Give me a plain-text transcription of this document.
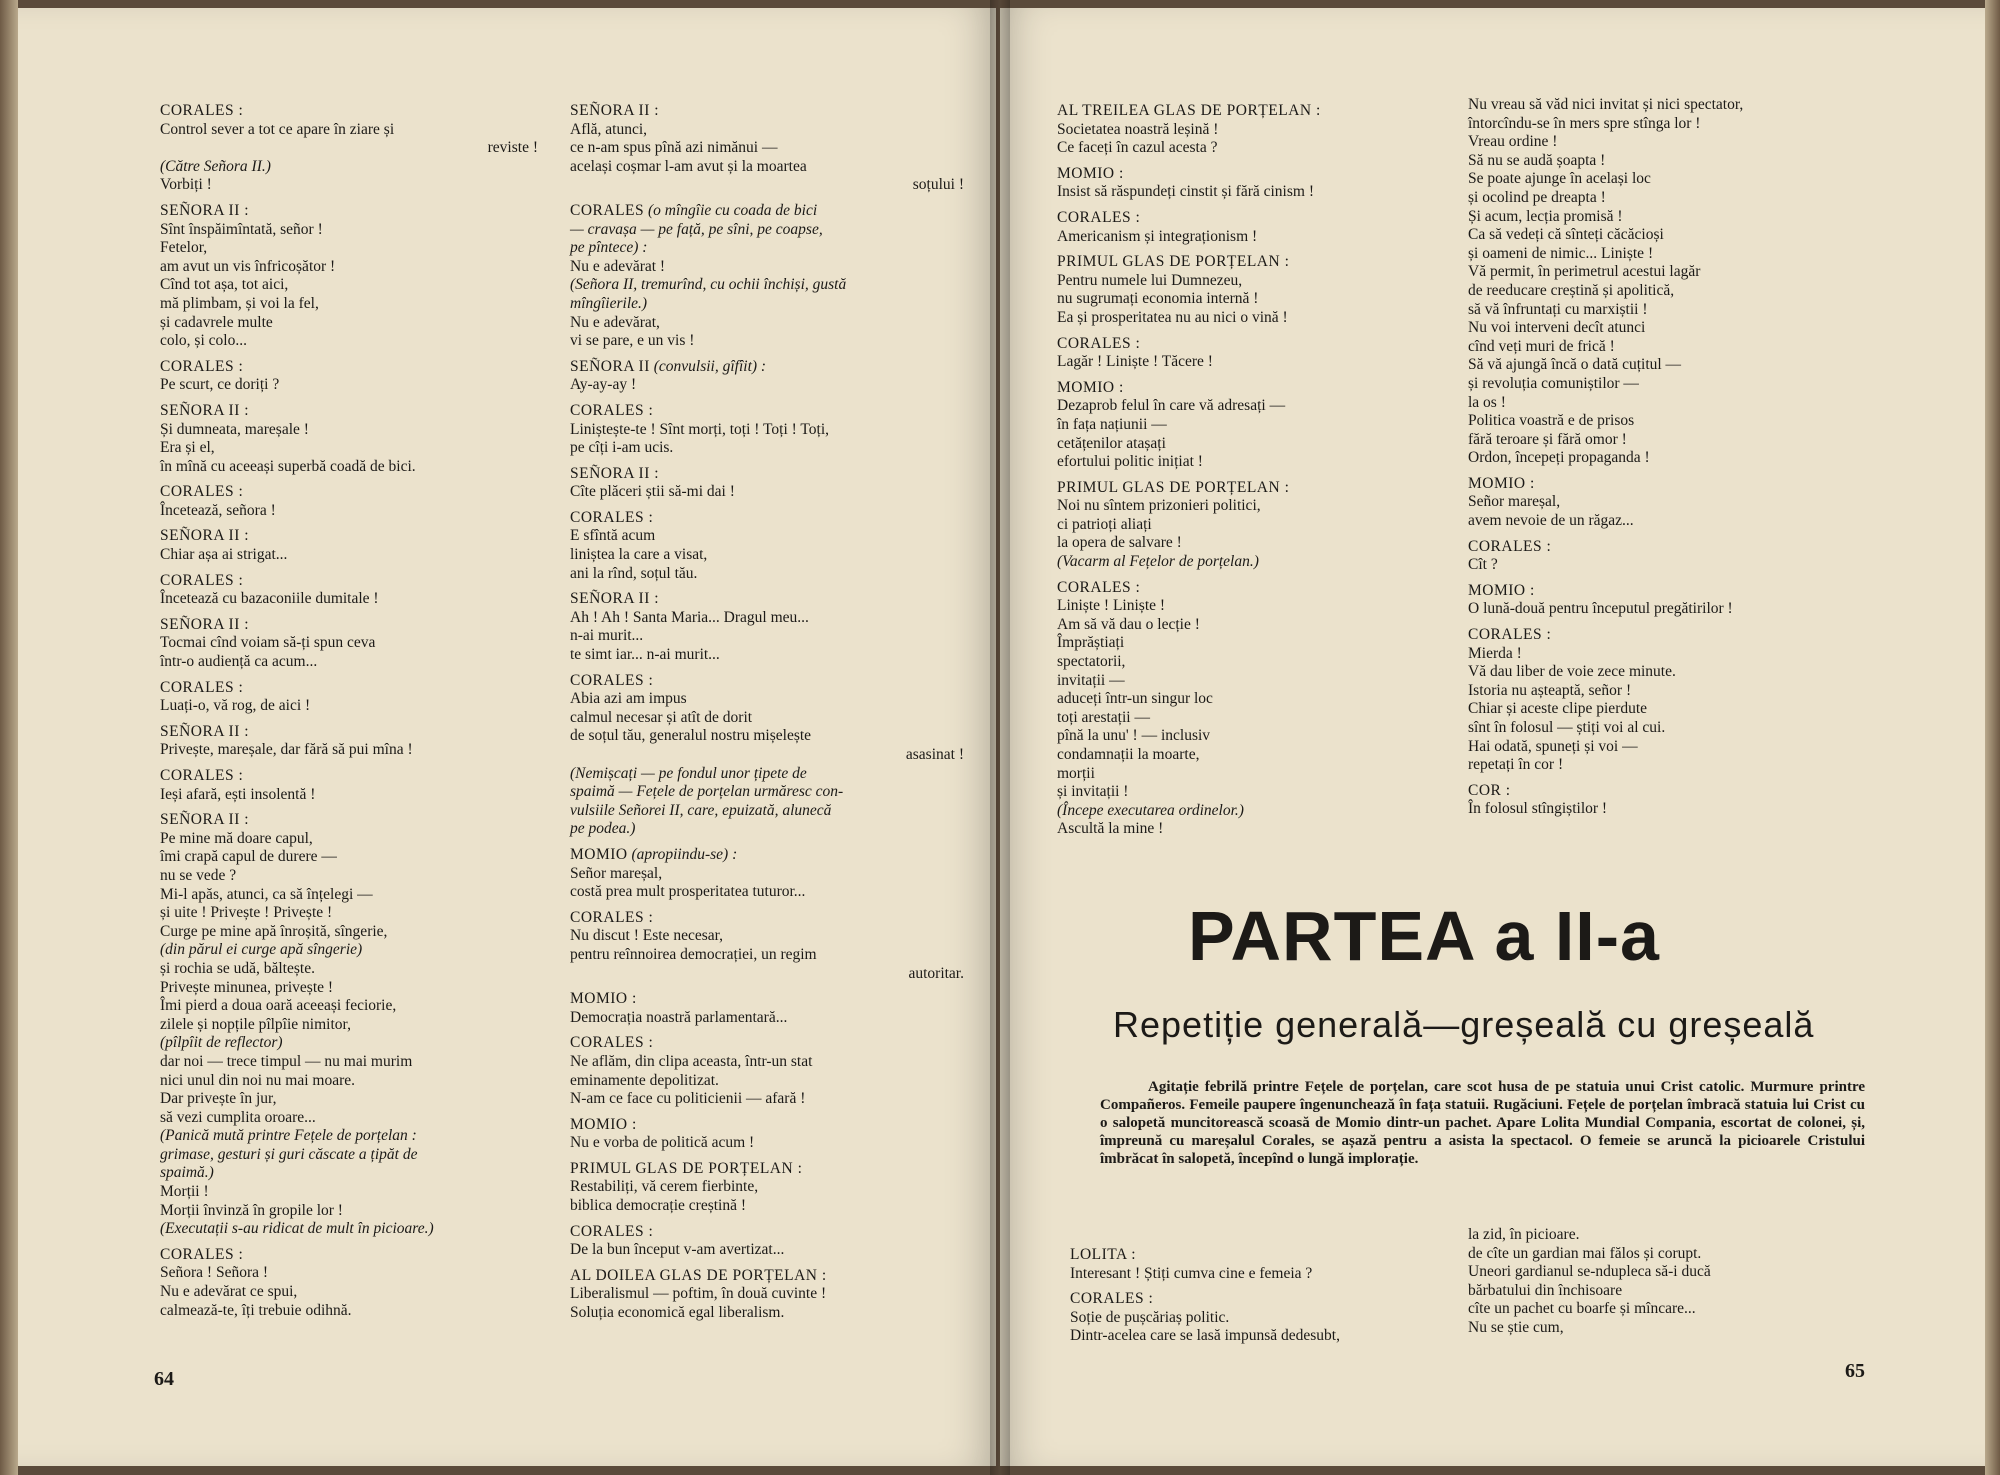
CORALES :
Control sever a tot ce apare în ziare și
reviste !
(Către Señora II.)
Vorbiți !
SEÑORA II :
Sînt înspăimîntată, señor !
Fetelor,
am avut un vis înfricoșător !
Cînd tot așa, tot aici,
mă plimbam, și voi la fel,
și cadavrele multe
colo, și colo...
CORALES :
Pe scurt, ce doriți ?
SEÑORA II :
Și dumneata, mareșale !
Era și el,
în mînă cu aceeași superbă coadă de bici.
CORALES :
Încetează, señora !
SEÑORA II :
Chiar așa ai strigat...
CORALES :
Încetează cu bazaconiile dumitale !
SEÑORA II :
Tocmai cînd voiam să-ți spun ceva
într-o audiență ca acum...
CORALES :
Luați-o, vă rog, de aici !
SEÑORA II :
Privește, mareșale, dar fără să pui mîna !
CORALES :
Ieși afară, ești insolentă !
SEÑORA II :
Pe mine mă doare capul,
îmi crapă capul de durere —
nu se vede ?
Mi-l apăs, atunci, ca să înțelegi —
și uite ! Privește ! Privește !
Curge pe mine apă înroșită, sîngerie,
(din părul ei curge apă sîngerie)
și rochia se udă, băltește.
Privește minunea, privește !
Îmi pierd a doua oară aceeași feciorie,
zilele și nopțile pîlpîie nimitor,
(pîlpîit de reflector)
dar noi — trece timpul — nu mai murim
nici unul din noi nu mai moare.
Dar privește în jur,
să vezi cumplita oroare...
(Panică mută printre Fețele de porțelan :
grimase, gesturi și guri căscate a țipăt de
spaimă.)
Morții !
Morții învinză în gropile lor !
(Executații s-au ridicat de mult în picioare.)
CORALES :
Señora ! Señora !
Nu e adevărat ce spui,
calmează-te, îți trebuie odihnă.
SEÑORA II :
Află, atunci,
ce n-am spus pînă azi nimănui —
același coșmar l-am avut și la moartea
soțului !
CORALES (o mîngîie cu coada de bici
— cravașa — pe față, pe sîni, pe coapse,
pe pîntece) :
Nu e adevărat !
(Señora II, tremurînd, cu ochii închiși, gustă
mîngîierile.)
Nu e adevărat,
vi se pare, e un vis !
SEÑORA II (convulsii, gîfîit) :
Ay-ay-ay !
CORALES :
Liniștește-te ! Sînt morți, toți ! Toți ! Toți,
pe cîți i-am ucis.
SEÑORA II :
Cîte plăceri știi să-mi dai !
CORALES :
E sfîntă acum
liniștea la care a visat,
ani la rînd, soțul tău.
SEÑORA II :
Ah ! Ah ! Santa Maria... Dragul meu...
n-ai murit...
te simt iar... n-ai murit...
CORALES :
Abia azi am impus
calmul necesar și atît de dorit
de soțul tău, generalul nostru mișelește
asasinat !
(Nemișcați — pe fondul unor țipete de
spaimă — Fețele de porțelan urmăresc con-
vulsiile Señorei II, care, epuizată, alunecă
pe podea.)
MOMIO (apropiindu-se) :
Señor mareșal,
costă prea mult prosperitatea tuturor...
CORALES :
Nu discut ! Este necesar,
pentru reînnoirea democrației, un regim
autoritar.
MOMIO :
Democrația noastră parlamentară...
CORALES :
Ne aflăm, din clipa aceasta, într-un stat
eminamente depolitizat.
N-am ce face cu politicienii — afară !
MOMIO :
Nu e vorba de politică acum !
PRIMUL GLAS DE PORȚELAN :
Restabiliți, vă cerem fierbinte,
biblica democrație creștină !
CORALES :
De la bun început v-am avertizat...
AL DOILEA GLAS DE PORȚELAN :
Liberalismul — poftim, în două cuvinte !
Soluția economică egal liberalism.
64
AL TREILEA GLAS DE PORȚELAN :
Societatea noastră leșină !
Ce faceți în cazul acesta ?
MOMIO :
Insist să răspundeți cinstit și fără cinism !
CORALES :
Americanism și integraționism !
PRIMUL GLAS DE PORȚELAN :
Pentru numele lui Dumnezeu,
nu sugrumați economia internă !
Ea și prosperitatea nu au nici o vină !
CORALES :
Lagăr ! Liniște ! Tăcere !
MOMIO :
Dezaprob felul în care vă adresați —
în fața națiunii —
cetățenilor atașați
efortului politic inițiat !
PRIMUL GLAS DE PORȚELAN :
Noi nu sîntem prizonieri politici,
ci patrioți aliați
la opera de salvare !
(Vacarm al Fețelor de porțelan.)
CORALES :
Liniște ! Liniște !
Am să vă dau o lecție !
Împrăștiați
spectatorii,
invitații —
aduceți într-un singur loc
toți arestații —
pînă la unu' ! — inclusiv
condamnații la moarte,
morții
și invitații !
(Începe executarea ordinelor.)
Ascultă la mine !
Nu vreau să văd nici invitat și nici spectator,
întorcîndu-se în mers spre stînga lor !
Vreau ordine !
Să nu se audă șoapta !
Se poate ajunge în același loc
și ocolind pe dreapta !
Și acum, lecția promisă !
Ca să vedeți că sînteți căcăcioși
și oameni de nimic... Liniște !
Vă permit, în perimetrul acestui lagăr
de reeducare creștină și apolitică,
să vă înfruntați cu marxiștii !
Nu voi interveni decît atunci
cînd veți muri de frică !
Să vă ajungă încă o dată cuțitul —
și revoluția comuniștilor —
la os !
Politica voastră e de prisos
fără teroare și fără omor !
Ordon, începeți propaganda !
MOMIO :
Señor mareșal,
avem nevoie de un răgaz...
CORALES :
Cît ?
MOMIO :
O lună-două pentru începutul pregătirilor !
CORALES :
Mierda !
Vă dau liber de voie zece minute.
Istoria nu așteaptă, señor !
Chiar și aceste clipe pierdute
sînt în folosul — știți voi al cui.
Hai odată, spuneți și voi —
repetați în cor !
COR :
În folosul stîngiștilor !
PARTEA a II-a
Repetiție generală—greșeală cu greșeală
Agitație febrilă printre Fețele de porțelan, care scot husa de pe statuia unui Crist catolic. Murmure printre Compañeros. Femeile paupere îngenunchează în fața statuii. Rugăciuni. Fețele de porțelan îmbracă statuia lui Crist cu o salopetă muncitorească scoasă de Momio dintr-un pachet. Apare Lolita Mundial Compania, escortat de colonei, și, împreună cu mareșalul Corales, se așază pentru a asista la spectacol. O femeie se aruncă la picioarele Cristului îmbrăcat în salopetă, începînd o lungă implorație.
LOLITA :
Interesant ! Știți cumva cine e femeia ?
CORALES :
Soție de pușcăriaș politic.
Dintr-acelea care se lasă impunsă dedesubt,
la zid, în picioare.
de cîte un gardian mai fălos și corupt.
Uneori gardianul se-ndupleca să-i ducă
bărbatului din închisoare
cîte un pachet cu boarfe și mîncare...
Nu se știe cum,
65
